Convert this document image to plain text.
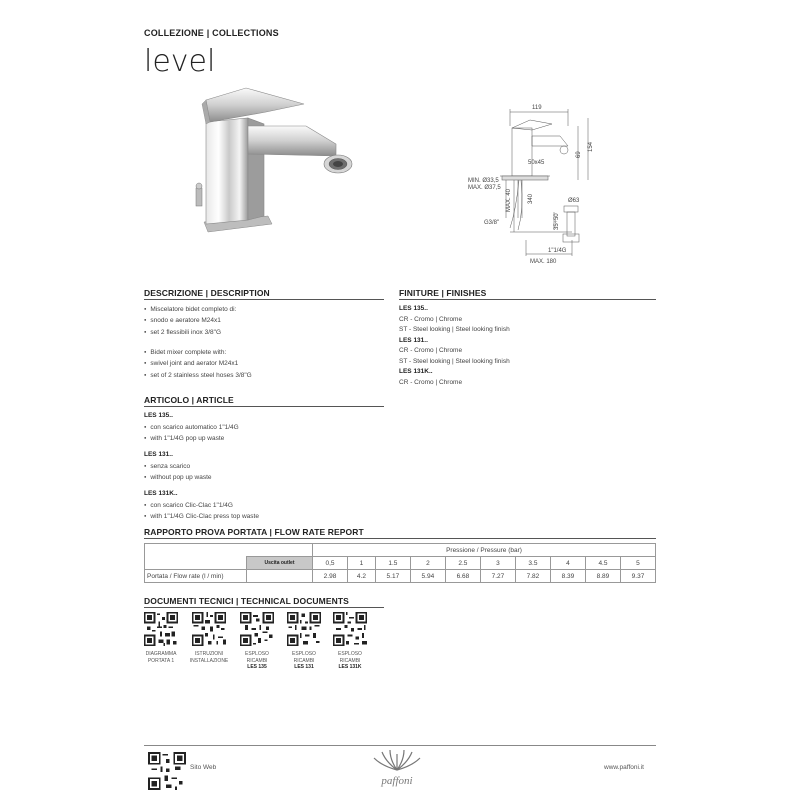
COLLEZIONE | COLLECTIONS
level
119
69
154
50x45
MIN. Ø33,5
MAX. Ø37,5
MAX. 40	340
G3/8"
Ø63
35÷50
1"1/4G
MAX. 180
DESCRIZIONE | DESCRIPTION
● Miscelatore bidet completo di:
● snodo e aeratore M24x1
● set 2 flessibili inox 3/8"G
● Bidet mixer complete with:
● swivel joint and aerator M24x1
● set of 2 stainless steel hoses 3/8"G
FINITURE | FINISHES
LES 135..
CR - Cromo | Chrome
ST - Steel looking | Steel looking finish
LES 131..
CR - Cromo | Chrome
ST - Steel looking | Steel looking finish
LES 131K..
CR - Cromo | Chrome
ARTICOLO | ARTICLE
LES 135..
● con scarico automatico 1"1/4G
● with 1"1/4G pop up waste
LES 131..
● senza scarico
● without pop up waste
LES 131K..
● con scarico Clic-Clac 1"1/4G
● with 1"1/4G Clic-Clac press top waste
RAPPORTO PROVA PORTATA | FLOW RATE REPORT
		Pressione / Pressure (bar)									
	Uscita outlet	0,5	1	1.5	2	2.5	3	3.5	4	4.5	5
Portata / Flow rate (l / min)		2.98	4.2	5.17	5.94	6.68	7.27	7.82	8.39	8.89	9.37
DOCUMENTI TECNICI | TECHNICAL DOCUMENTS
DIAGRAMMA
PORTATA 1
ISTRUZIONI
INSTALLAZIONE
ESPLOSO
RICAMBI
LES 135
ESPLOSO
RICAMBI
LES 131
ESPLOSO
RICAMBI
LES 131K
Sito Web
paffoni
www.paffoni.it
